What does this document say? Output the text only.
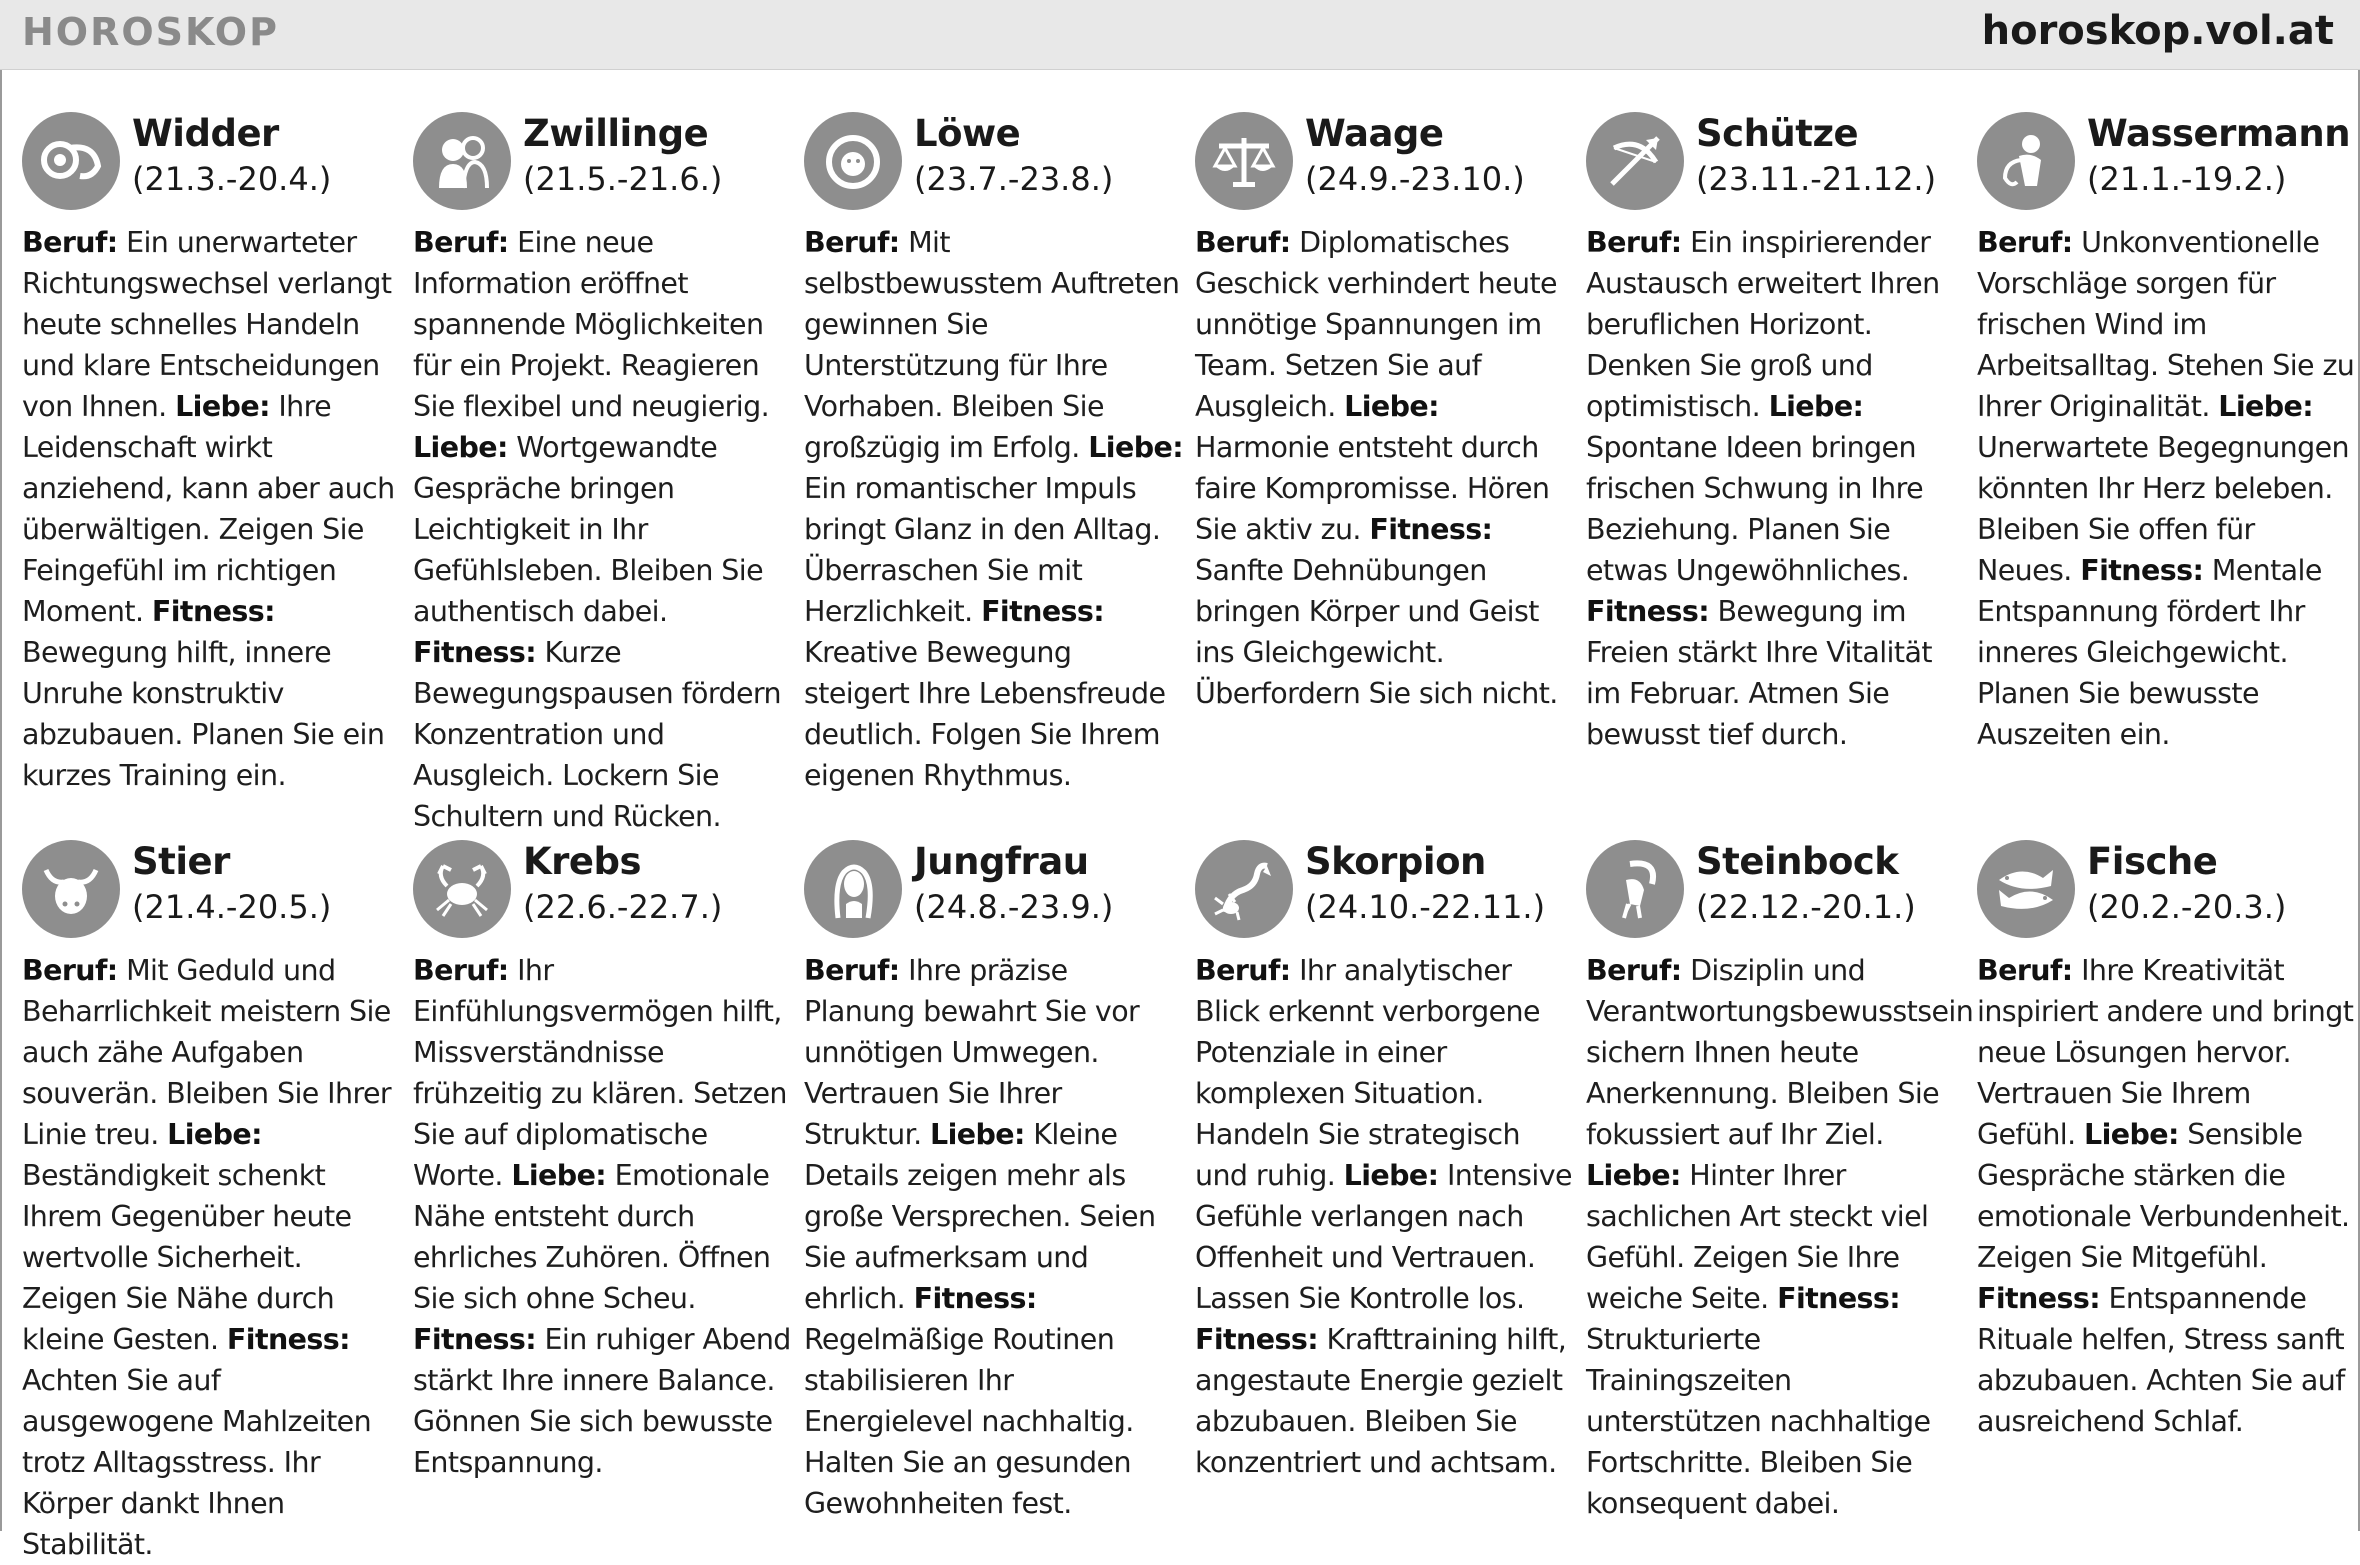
HOROSKOP	horoskop.vol.at
Widder
(21.3.-20.4.)
Beruf: Ein unerwarteter Richtungswechsel verlangt heute schnelles Handeln und klare Entscheidungen von Ihnen. Liebe: Ihre Leidenschaft wirkt anziehend, kann aber auch überwältigen. Zeigen Sie Feingefühl im richtigen Moment. Fitness: Bewegung hilft, innere Unruhe konstruktiv abzubauen. Planen Sie ein kurzes Training ein.
Zwillinge
(21.5.-21.6.)
Beruf: Eine neue Information eröffnet spannende Möglichkeiten für ein Projekt. Reagieren Sie flexibel und neugierig. Liebe: Wortgewandte Gespräche bringen Leichtigkeit in Ihr Gefühlsleben. Bleiben Sie authentisch dabei. Fitness: Kurze Bewegungspausen fördern Konzentration und Ausgleich. Lockern Sie Schultern und Rücken.
Löwe
(23.7.-23.8.)
Beruf: Mit selbstbewusstem Auftreten gewinnen Sie Unterstützung für Ihre Vorhaben. Bleiben Sie großzügig im Erfolg. Liebe: Ein romantischer Impuls bringt Glanz in den Alltag. Überraschen Sie mit Herzlichkeit. Fitness: Kreative Bewegung steigert Ihre Lebensfreude deutlich. Folgen Sie Ihrem eigenen Rhythmus.
Waage
(24.9.-23.10.)
Beruf: Diplomatisches Geschick verhindert heute unnötige Spannungen im Team. Setzen Sie auf Ausgleich. Liebe: Harmonie entsteht durch faire Kompromisse. Hören Sie aktiv zu. Fitness: Sanfte Dehnübungen bringen Körper und Geist ins Gleichgewicht. Überfordern Sie sich nicht.
Schütze
(23.11.-21.12.)
Beruf: Ein inspirierender Austausch erweitert Ihren beruflichen Horizont. Denken Sie groß und optimistisch. Liebe: Spontane Ideen bringen frischen Schwung in Ihre Beziehung. Planen Sie etwas Ungewöhnliches. Fitness: Bewegung im Freien stärkt Ihre Vitalität im Februar. Atmen Sie bewusst tief durch.
Wassermann
(21.1.-19.2.)
Beruf: Unkonventionelle Vorschläge sorgen für frischen Wind im Arbeitsalltag. Stehen Sie zu Ihrer Originalität. Liebe: Unerwartete Begegnungen könnten Ihr Herz beleben. Bleiben Sie offen für Neues. Fitness: Mentale Entspannung fördert Ihr inneres Gleichgewicht. Planen Sie bewusste Auszeiten ein.
Stier
(21.4.-20.5.)
Beruf: Mit Geduld und Beharrlichkeit meistern Sie auch zähe Aufgaben souverän. Bleiben Sie Ihrer Linie treu. Liebe: Beständigkeit schenkt Ihrem Gegenüber heute wertvolle Sicherheit. Zeigen Sie Nähe durch kleine Gesten. Fitness: Achten Sie auf ausgewogene Mahlzeiten trotz Alltagsstress. Ihr Körper dankt Ihnen Stabilität.
Krebs
(22.6.-22.7.)
Beruf: Ihr Einfühlungsvermögen hilft, Missverständnisse frühzeitig zu klären. Setzen Sie auf diplomatische Worte. Liebe: Emotionale Nähe entsteht durch ehrliches Zuhören. Öffnen Sie sich ohne Scheu. Fitness: Ein ruhiger Abend stärkt Ihre innere Balance. Gönnen Sie sich bewusste Entspannung.
Jungfrau
(24.8.-23.9.)
Beruf: Ihre präzise Planung bewahrt Sie vor unnötigen Umwegen. Vertrauen Sie Ihrer Struktur. Liebe: Kleine Details zeigen mehr als große Versprechen. Seien Sie aufmerksam und ehrlich. Fitness: Regelmäßige Routinen stabilisieren Ihr Energielevel nachhaltig. Halten Sie an gesunden Gewohnheiten fest.
Skorpion
(24.10.-22.11.)
Beruf: Ihr analytischer Blick erkennt verborgene Potenziale in einer komplexen Situation. Handeln Sie strategisch und ruhig. Liebe: Intensive Gefühle verlangen nach Offenheit und Vertrauen. Lassen Sie Kontrolle los. Fitness: Krafttraining hilft, angestaute Energie gezielt abzubauen. Bleiben Sie konzentriert und achtsam.
Steinbock
(22.12.-20.1.)
Beruf: Disziplin und Verantwortungsbewusstsein sichern Ihnen heute Anerkennung. Bleiben Sie fokussiert auf Ihr Ziel. Liebe: Hinter Ihrer sachlichen Art steckt viel Gefühl. Zeigen Sie Ihre weiche Seite. Fitness: Strukturierte Trainingszeiten unterstützen nachhaltige Fortschritte. Bleiben Sie konsequent dabei.
Fische
(20.2.-20.3.)
Beruf: Ihre Kreativität inspiriert andere und bringt neue Lösungen hervor. Vertrauen Sie Ihrem Gefühl. Liebe: Sensible Gespräche stärken die emotionale Verbundenheit. Zeigen Sie Mitgefühl. Fitness: Entspannende Rituale helfen, Stress sanft abzubauen. Achten Sie auf ausreichend Schlaf.
